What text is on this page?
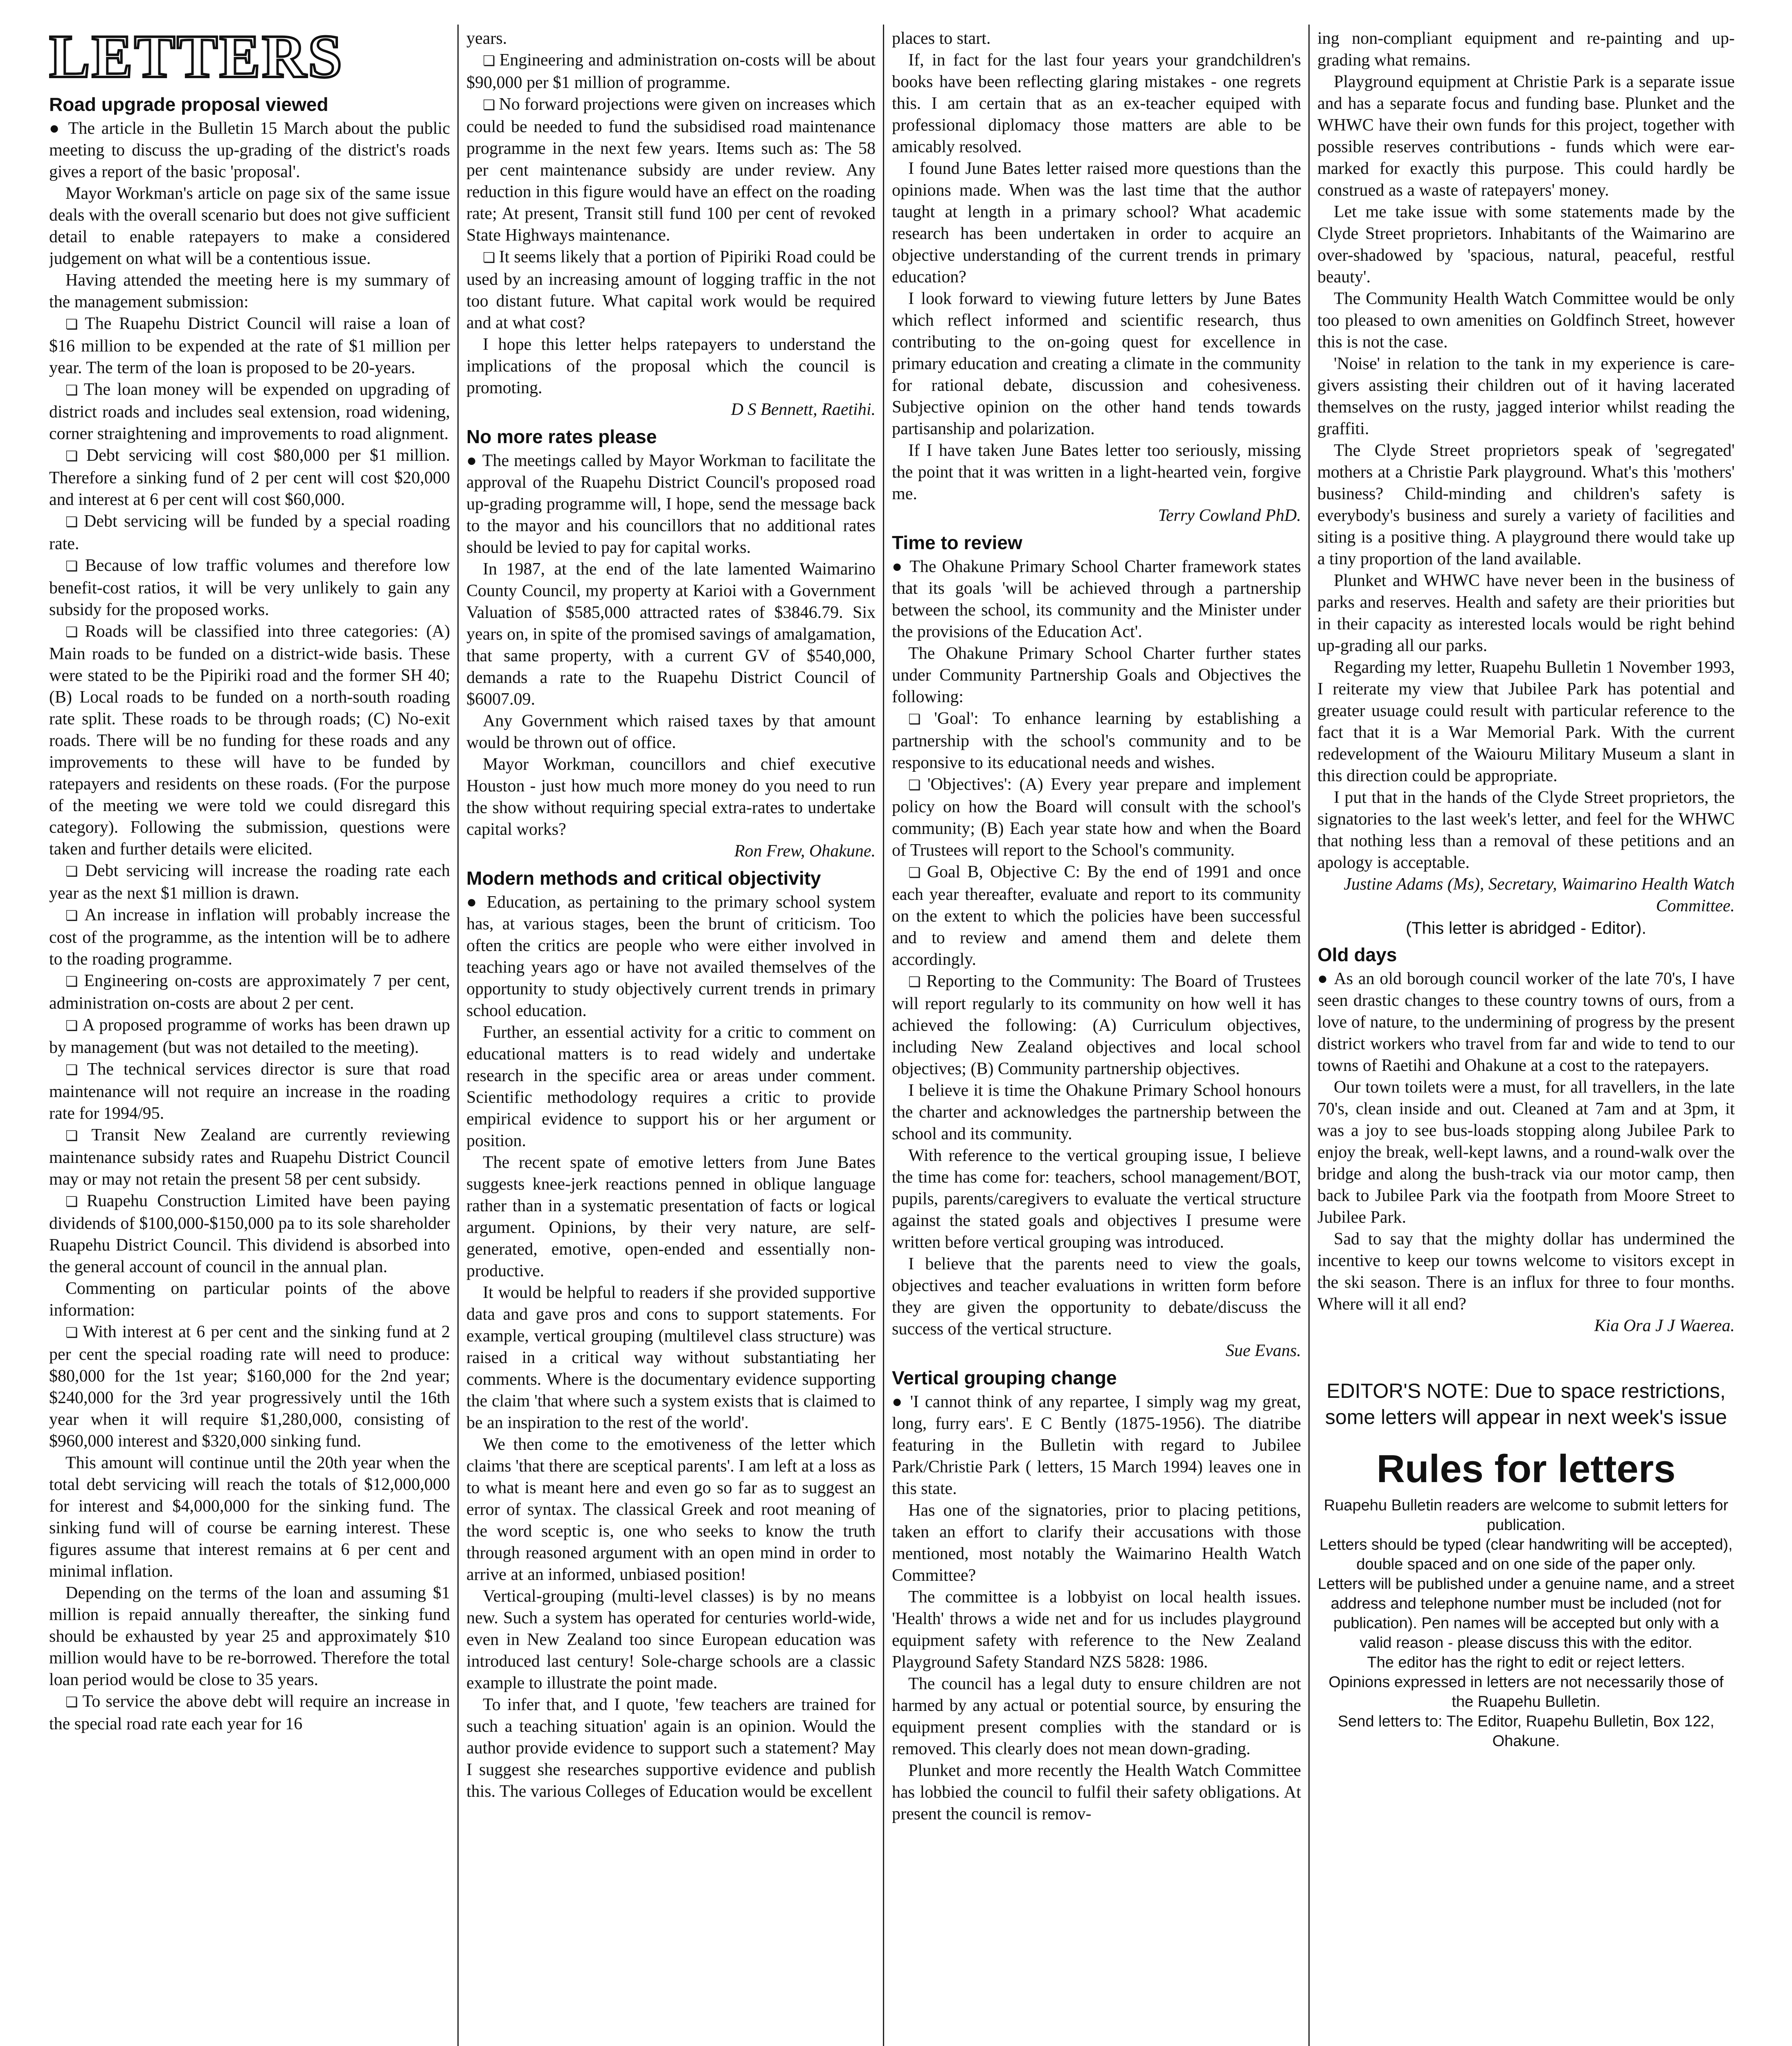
LETTERS
Road upgrade proposal viewed

● The article in the Bulletin 15 March about the public meeting to discuss the up-grading of the district's roads gives a report of the basic 'proposal'.

Mayor Workman's article on page six of the same issue deals with the overall scenario but does not give sufficient detail to enable ratepayers to make a considered judgement on what will be a contentious issue.

Having attended the meeting here is my summary of the management submission:

❏ The Ruapehu District Council will raise a loan of $16 million to be expended at the rate of $1 million per year. The term of the loan is proposed to be 20-years.

❏ The loan money will be expended on upgrading of district roads and includes seal extension, road widening, corner straightening and improvements to road alignment.

❏ Debt servicing will cost $80,000 per $1 million. Therefore a sinking fund of 2 per cent will cost $20,000 and interest at 6 per cent will cost $60,000.

❏ Debt servicing will be funded by a special roading rate.

❏ Because of low traffic volumes and therefore low benefit-cost ratios, it will be very unlikely to gain any subsidy for the proposed works.

❏ Roads will be classified into three categories: (A) Main roads to be funded on a district-wide basis. These were stated to be the Pipiriki road and the former SH 40; (B) Local roads to be funded on a north-south roading rate split. These roads to be through roads; (C) No-exit roads. There will be no funding for these roads and any improvements to these will have to be funded by ratepayers and residents on these roads. (For the purpose of the meeting we were told we could disregard this category). Following the submission, questions were taken and further details were elicited.

❏ Debt servicing will increase the roading rate each year as the next $1 million is drawn.

❏ An increase in inflation will probably increase the cost of the programme, as the intention will be to adhere to the roading programme.

❏ Engineering on-costs are approximately 7 per cent, administration on-costs are about 2 per cent.

❏ A proposed programme of works has been drawn up by management (but was not detailed to the meeting).

❏ The technical services director is sure that road maintenance will not require an increase in the roading rate for 1994/95.

❏ Transit New Zealand are currently reviewing maintenance subsidy rates and Ruapehu District Council may or may not retain the present 58 per cent subsidy.

❏ Ruapehu Construction Limited have been paying dividends of $100,000-$150,000 pa to its sole shareholder Ruapehu District Council. This dividend is absorbed into the general account of council in the annual plan.

Commenting on particular points of the above information:

❏ With interest at 6 per cent and the sinking fund at 2 per cent the special roading rate will need to produce: $80,000 for the 1st year; $160,000 for the 2nd year; $240,000 for the 3rd year progressively until the 16th year when it will require $1,280,000, consisting of $960,000 interest and $320,000 sinking fund.

This amount will continue until the 20th year when the total debt servicing will reach the totals of $12,000,000 for interest and $4,000,000 for the sinking fund. The sinking fund will of course be earning interest. These figures assume that interest remains at 6 per cent and minimal inflation.

Depending on the terms of the loan and assuming $1 million is repaid annually thereafter, the sinking fund should be exhausted by year 25 and approximately $10 million would have to be re-borrowed. Therefore the total loan period would be close to 35 years.

❏ To service the above debt will require an increase in the special road rate each year for 16

years.

❏ Engineering and administration on-costs will be about $90,000 per $1 million of programme.

❏ No forward projections were given on increases which could be needed to fund the subsidised road maintenance programme in the next few years. Items such as: The 58 per cent maintenance subsidy are under review. Any reduction in this figure would have an effect on the roading rate; At present, Transit still fund 100 per cent of revoked State Highways maintenance.

❏ It seems likely that a portion of Pipiriki Road could be used by an increasing amount of logging traffic in the not too distant future. What capital work would be required and at what cost?

I hope this letter helps ratepayers to understand the implications of the proposal which the council is promoting.

D S Bennett, Raetihi.

No more rates please

● The meetings called by Mayor Workman to facilitate the approval of the Ruapehu District Council's proposed road up-grading programme will, I hope, send the message back to the mayor and his councillors that no additional rates should be levied to pay for capital works.

In 1987, at the end of the late lamented Waimarino County Council, my property at Karioi with a Government Valuation of $585,000 attracted rates of $3846.79. Six years on, in spite of the promised savings of amalgamation, that same property, with a current GV of $540,000, demands a rate to the Ruapehu District Council of $6007.09.

Any Government which raised taxes by that amount would be thrown out of office.

Mayor Workman, councillors and chief executive Houston - just how much more money do you need to run the show without requiring special extra-rates to undertake capital works?

Ron Frew, Ohakune.

Modern methods and critical objectivity

● Education, as pertaining to the primary school system has, at various stages, been the brunt of criticism. Too often the critics are people who were either involved in teaching years ago or have not availed themselves of the opportunity to study objectively current trends in primary school education.

Further, an essential activity for a critic to comment on educational matters is to read widely and undertake research in the specific area or areas under comment. Scientific methodology requires a critic to provide empirical evidence to support his or her argument or position.

The recent spate of emotive letters from June Bates suggests knee-jerk reactions penned in oblique language rather than in a systematic presentation of facts or logical argument. Opinions, by their very nature, are self-generated, emotive, open-ended and essentially non-productive.

It would be helpful to readers if she provided supportive data and gave pros and cons to support statements. For example, vertical grouping (multilevel class structure) was raised in a critical way without substantiating her comments. Where is the documentary evidence supporting the claim 'that where such a system exists that is claimed to be an inspiration to the rest of the world'.

We then come to the emotiveness of the letter which claims 'that there are sceptical parents'. I am left at a loss as to what is meant here and even go so far as to suggest an error of syntax. The classical Greek and root meaning of the word sceptic is, one who seeks to know the truth through reasoned argument with an open mind in order to arrive at an informed, unbiased position!

Vertical-grouping (multi-level classes) is by no means new. Such a system has operated for centuries world-wide, even in New Zealand too since European education was introduced last century! Sole-charge schools are a classic example to illustrate the point made.

To infer that, and I quote, 'few teachers are trained for such a teaching situation' again is an opinion. Would the author provide evidence to support such a statement? May I suggest she researches supportive evidence and publish this. The various Colleges of Education would be excellent

places to start.

If, in fact for the last four years your grandchildren's books have been reflecting glaring mistakes - one regrets this. I am certain that as an ex-teacher equiped with professional diplomacy those matters are able to be amicably resolved.

I found June Bates letter raised more questions than the opinions made. When was the last time that the author taught at length in a primary school? What academic research has been undertaken in order to acquire an objective understanding of the current trends in primary education?

I look forward to viewing future letters by June Bates which reflect informed and scientific research, thus contributing to the on-going quest for excellence in primary education and creating a climate in the community for rational debate, discussion and cohesiveness. Subjective opinion on the other hand tends towards partisanship and polarization.

If I have taken June Bates letter too seriously, missing the point that it was written in a light-hearted vein, forgive me.

Terry Cowland PhD.

Time to review

● The Ohakune Primary School Charter framework states that its goals 'will be achieved through a partnership between the school, its community and the Minister under the provisions of the Education Act'.

The Ohakune Primary School Charter further states under Community Partnership Goals and Objectives the following:

❏ 'Goal': To enhance learning by establishing a partnership with the school's community and to be responsive to its educational needs and wishes.

❏ 'Objectives': (A) Every year prepare and implement policy on how the Board will consult with the school's community; (B) Each year state how and when the Board of Trustees will report to the School's community.

❏ Goal B, Objective C: By the end of 1991 and once each year thereafter, evaluate and report to its community on the extent to which the policies have been successful and to review and amend them and delete them accordingly.

❏ Reporting to the Community: The Board of Trustees will report regularly to its community on how well it has achieved the following: (A) Curriculum objectives, including New Zealand objectives and local school objectives; (B) Community partnership objectives.

I believe it is time the Ohakune Primary School honours the charter and acknowledges the partnership between the school and its community.

With reference to the vertical grouping issue, I believe the time has come for: teachers, school management/BOT, pupils, parents/caregivers to evaluate the vertical structure against the stated goals and objectives I presume were written before vertical grouping was introduced.

I believe that the parents need to view the goals, objectives and teacher evaluations in written form before they are given the opportunity to debate/discuss the success of the vertical structure.

Sue Evans.

Vertical grouping change

● 'I cannot think of any repartee, I simply wag my great, long, furry ears'. E C Bently (1875-1956). The diatribe featuring in the Bulletin with regard to Jubilee Park/Christie Park ( letters, 15 March 1994) leaves one in this state.

Has one of the signatories, prior to placing petitions, taken an effort to clarify their accusations with those mentioned, most notably the Waimarino Health Watch Committee?

The committee is a lobbyist on local health issues. 'Health' throws a wide net and for us includes playground equipment safety with reference to the New Zealand Playground Safety Standard NZS 5828: 1986.

The council has a legal duty to ensure children are not harmed by any actual or potential source, by ensuring the equipment present complies with the standard or is removed. This clearly does not mean down-grading.

Plunket and more recently the Health Watch Committee has lobbied the council to fulfil their safety obligations. At present the council is remov-

ing non-compliant equipment and re-painting and up-grading what remains.

Playground equipment at Christie Park is a separate issue and has a separate focus and funding base. Plunket and the WHWC have their own funds for this project, together with possible reserves contributions - funds which were ear-marked for exactly this purpose. This could hardly be construed as a waste of ratepayers' money.

Let me take issue with some statements made by the Clyde Street proprietors. Inhabitants of the Waimarino are over-shadowed by 'spacious, natural, peaceful, restful beauty'.

The Community Health Watch Committee would be only too pleased to own amenities on Goldfinch Street, however this is not the case.

'Noise' in relation to the tank in my experience is care-givers assisting their children out of it having lacerated themselves on the rusty, jagged interior whilst reading the graffiti.

The Clyde Street proprietors speak of 'segregated' mothers at a Christie Park playground. What's this 'mothers' business? Child-minding and children's safety is everybody's business and surely a variety of facilities and siting is a positive thing. A playground there would take up a tiny proportion of the land available.

Plunket and WHWC have never been in the business of parks and reserves. Health and safety are their priorities but in their capacity as interested locals would be right behind up-grading all our parks.

Regarding my letter, Ruapehu Bulletin 1 November 1993, I reiterate my view that Jubilee Park has potential and greater usuage could result with particular reference to the fact that it is a War Memorial Park. With the current redevelopment of the Waiouru Military Museum a slant in this direction could be appropriate.

I put that in the hands of the Clyde Street proprietors, the signatories to the last week's letter, and feel for the WHWC that nothing less than a removal of these petitions and an apology is acceptable.

Justine Adams (Ms), Secretary, Waimarino Health Watch Committee.

(This letter is abridged - Editor).

Old days

● As an old borough council worker of the late 70's, I have seen drastic changes to these country towns of ours, from a love of nature, to the undermining of progress by the present district workers who travel from far and wide to tend to our towns of Raetihi and Ohakune at a cost to the ratepayers.

Our town toilets were a must, for all travellers, in the late 70's, clean inside and out. Cleaned at 7am and at 3pm, it was a joy to see bus-loads stopping along Jubilee Park to enjoy the break, well-kept lawns, and a round-walk over the bridge and along the bush-track via our motor camp, then back to Jubilee Park via the footpath from Moore Street to Jubilee Park.

Sad to say that the mighty dollar has undermined the incentive to keep our towns welcome to visitors except in the ski season. There is an influx for three to four months. Where will it all end?

Kia Ora J J Waerea.

EDITOR'S NOTE: Due to space restrictions, some letters will appear in next week's issue
Rules for letters
Ruapehu Bulletin readers are welcome to submit letters for publication.
Letters should be typed (clear handwriting will be accepted), double spaced and on one side of the paper only.
Letters will be published under a genuine name, and a street address and telephone number must be included (not for publication). Pen names will be accepted but only with a valid reason - please discuss this with the editor.
The editor has the right to edit or reject letters.
Opinions expressed in letters are not necessarily those of the Ruapehu Bulletin.
Send letters to: The Editor, Ruapehu Bulletin, Box 122, Ohakune.
